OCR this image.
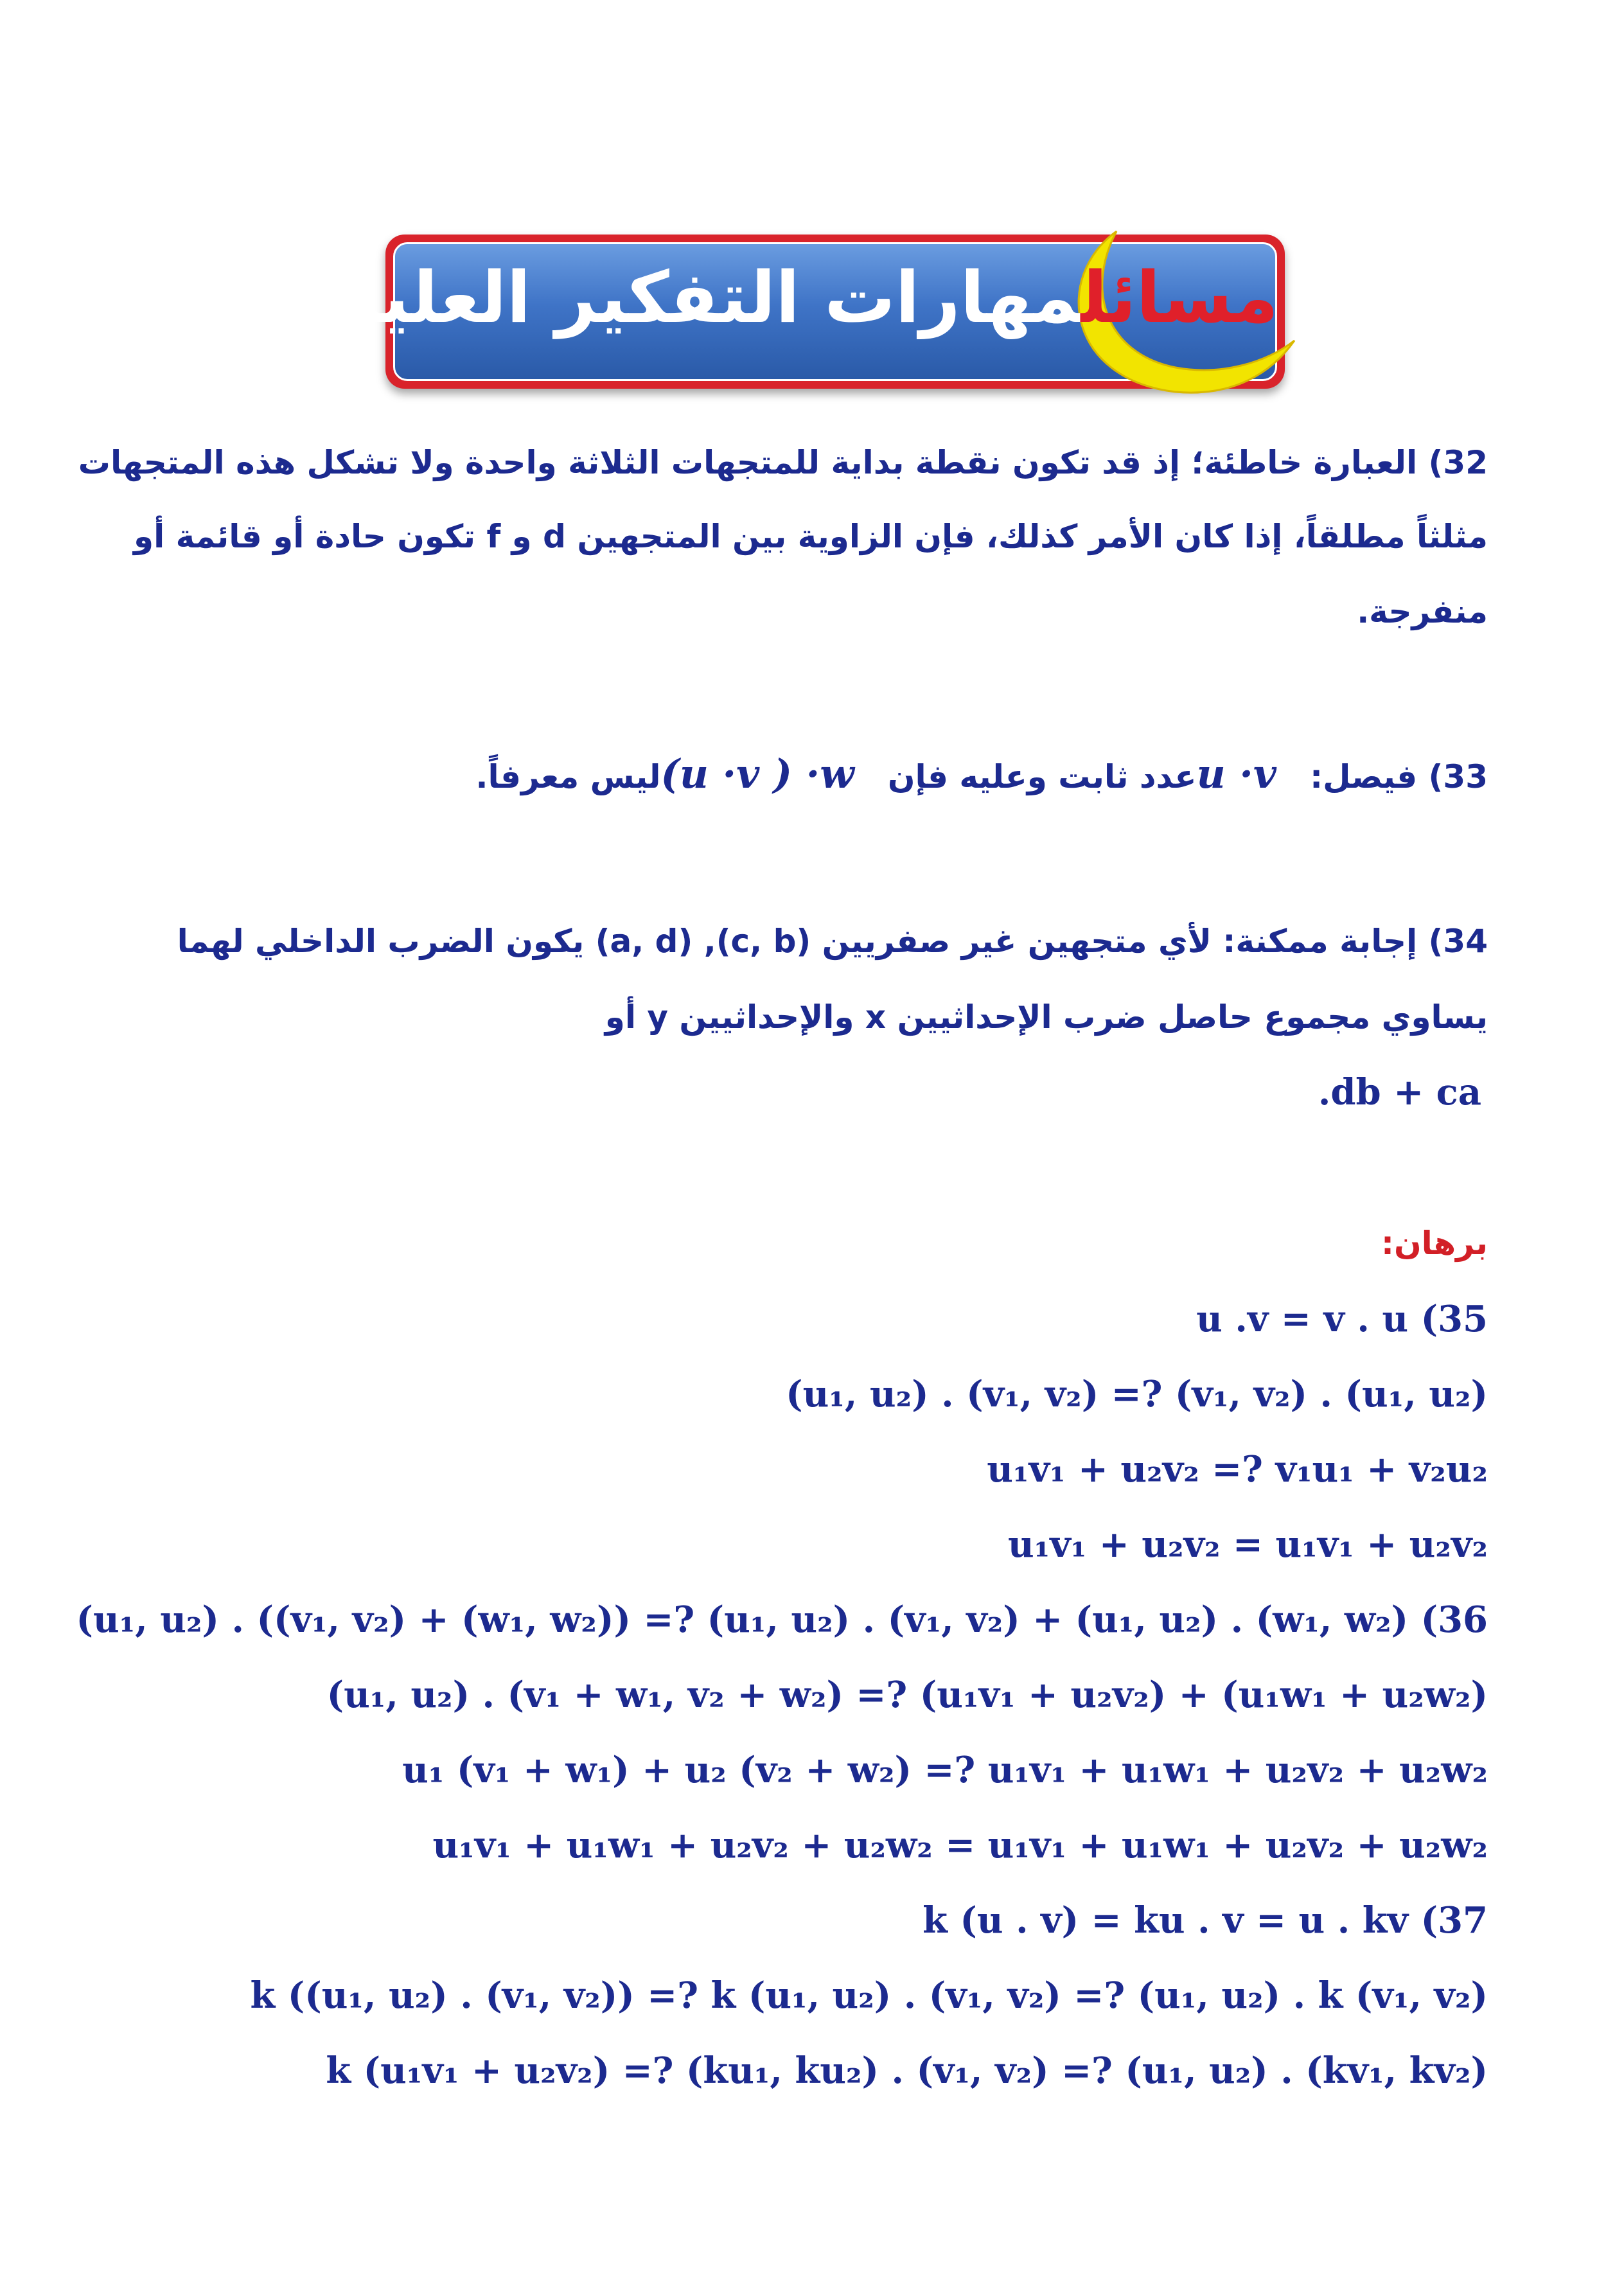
مسائلمهارات التفكير العليا:
32) العبارة خاطئة؛ إذ قد تكون نقطة بداية للمتجهات الثلاثة واحدة ولا تشكل هذه المتجهات
مثلثاً مطلقاً، إذا كان الأمر كذلك، فإن الزاوية بين المتجهين d و f تكون حادة أو قائمة أو
منفرجة.
33) فيصل:   u ·vعدد ثابت وعليه فإن   (u ·v ) ·wليس معرفاً.
34) إجابة ممكنة: لأي متجهين غير صفريين (c, b), (a, d) يكون الضرب الداخلي لهما
يساوي مجموع حاصل ضرب الإحداثيين x والإحداثيين y أو
ac + bd.
برهان:
u .v = v . u (35
(u₁, u₂) . (v₁, v₂) =? (v₁, v₂) . (u₁, u₂)
u₁v₁ + u₂v₂ =? v₁u₁ + v₂u₂
u₁v₁ + u₂v₂ = u₁v₁ + u₂v₂
(u₁, u₂) . ((v₁, v₂) + (w₁, w₂)) =? (u₁, u₂) . (v₁, v₂) + (u₁, u₂) . (w₁, w₂) (36
(u₁, u₂) . (v₁ + w₁, v₂ + w₂) =? (u₁v₁ + u₂v₂) + (u₁w₁ + u₂w₂)
u₁ (v₁ + w₁) + u₂ (v₂ + w₂) =? u₁v₁ + u₁w₁ + u₂v₂ + u₂w₂
u₁v₁ + u₁w₁ + u₂v₂ + u₂w₂ = u₁v₁ + u₁w₁ + u₂v₂ + u₂w₂
k (u . v) = ku . v = u . kv (37
k ((u₁, u₂) . (v₁, v₂)) =? k (u₁, u₂) . (v₁, v₂) =? (u₁, u₂) . k (v₁, v₂)
k (u₁v₁ + u₂v₂) =? (ku₁, ku₂) . (v₁, v₂) =? (u₁, u₂) . (kv₁, kv₂)
